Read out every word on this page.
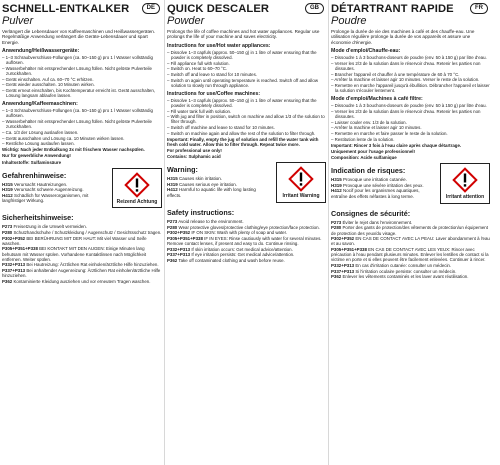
SCHNELL-ENTKALKER	DE
Pulver
Verlängert die Lebensdauer von Kaffeemaschinen und Heißwassergeräten. Regelmäßige Anwendung verlängert die Geräte-Lebensdauer und spart Energie.
Anwendung/Heißwassergeräte:
– 1–3 Schraubverschluss-Füllungen (ca. 50–150 g) pro 1 l Wasser vollständig auflösen.
– Wasserbehälter mit entsprechender Lösung füllen. Nicht gelöste Pulverteile zurückhalten.
– Gerät einschalten. Auf ca. 60–70 °C erhitzen.
– Gerät wieder ausschalten. 10 Minuten wirken.
– Gerät erneut einschalten, bis Kochtemperatur erreicht ist. Gerät ausschalten, Lösung langsam ablaufen lassen.
Anwendung/Kaffeemaschinen:
– 1–3 Schraubverschluss-Füllungen (ca. 50–150 g) pro 1 l Wasser vollständig auflösen.
– Wasserbehälter mit entsprechender Lösung füllen. Nicht gelöste Pulverteile zurückhalten.
– Ca. 1/3 der Lösung auslaufen lassen.
– Gerät ausschalten und Lösung ca. 10 Minuten wirken lassen.
– Restliche Lösung auslaufen lassen.
Wichtig: Nach jeder Entkalkung 3x mit frischem Wasser nachspülen.
Nur für gewerbliche Anwendung!
Inhaltsstoffe: Sulfaminsäure
Gefahrenhinweise:
H315 Verursacht Hautreizungen.
H319 Verursacht schwere Augenreizung.
H412 Schädlich für Wasserorganismen, mit langfristiger Wirkung.	Reizend Achtung
Sicherheitshinweise:
P273 Freisetzung in die Umwelt vermeiden.
P280 Schutzhandschuhe / Schutzkleidung / Augenschutz / Gesichtsschutz tragen.
P302+P352 BEI BERÜHRUNG MIT DER HAUT: Mit viel Wasser und Seife waschen.
P305+P351+P338 BEI KONTAKT MIT DEN AUGEN: Einige Minuten lang behutsam mit Wasser spülen. Vorhandene Kontaktlinsen nach Möglichkeit entfernen. Weiter spülen.
P332+P313 Bei Hautreizung: Ärztlichen Rat einholen/ärztliche Hilfe hinzuziehen.
P337+P313 Bei anhaltender Augenreizung: Ärztlichen Rat einholen/ärztliche Hilfe hinzuziehen.
P362 Kontaminierte Kleidung ausziehen und vor erneutem Tragen waschen.
QUICK DESCALER	GB
Powder
Prolongs the life of coffee machines and hot water appliances. Regular use prolongs the life of your machine and saves electricity.
Instructions for use/Hot water appliances:
– Dissolve 1–3 capfuls (approx. 50–150 g) in 1 litre of water ensuring that the powder is completely dissolved.
– Fill appliance full with solution.
– Switch on. Heat to 60–70 °C.
– Switch off and leave to stand for 10 minutes.
– Switch on again until operating temperature is reached. Switch off and allow solution to slowly run through appliance.
Instructions for use/Coffee machines:
– Dissolve 1–3 capfuls (approx. 50–150 g) in 1 litre of water ensuring that the powder is completely dissolved.
– Fill water tank full with solution.
– With jug and filter in position, switch on machine and allow 1/3 of the solution to filter through.
– Switch off machine and leave to stand for 10 minutes.
– Switch on machine again and allow the rest of the solution to filter through.
Important: Finally, empty the jug of solution and refill the water tank with fresh cold water. Allow this to filter through. Repeat twice more.
For professional use only!
Contains: Sulphamic acid
Warning:
H315 Causes skin irritation.
H319 Causes serious eye irritation.
H412 Harmful to aquatic life with long lasting effects.	Irritant Warning
Safety instructions:
P273 Avoid release to the environment.
P280 Wear protective gloves/protective clothing/eye protection/face protection.
P302+P352 IF ON SKIN: Wash with plenty of soap and water.
P305+P351+P338 IF IN EYES: Rinse cautiously with water for several minutes. Remove contact lenses, if present and easy to do. Continue rinsing.
P332+P313 If skin irritation occurs: Get medical advice/attention.
P337+P313 If eye irritation persists: Get medical advice/attention.
P362 Take off contaminated clothing and wash before reuse.
DÉTARTRANT RAPIDE	FR
Poudre
Prolonge la durée de vie des machines à café et des chauffe-eau. Une utilisation régulière prolonge la durée de vos appareils et assure une économie d'énergie.
Mode d'emploi/Chauffe-eau:
– Dissoudre 1 à 3 bouchons-doseurs de poudre (env. 50 à 150 g) par litre d'eau.
– Verser les 2/3 de la solution dans le réservoir d'eau. Retenir les parties non dissoutes.
– Brancher l'appareil et chauffer à une température de 60 à 70 °C.
– Arrêter la machine et laisser agir 10 minutes. Verser le reste de la solution.
– Remettre en marche l'appareil jusqu'à ébullition. Débrancher l'appareil et laisser la solution s'écouler lentement.
Mode d'emploi/Machines à café filtre:
– Dissoudre 1 à 3 bouchons-doseurs de poudre (env. 50 à 150 g) par litre d'eau.
– Verser les 2/3 de la solution dans le réservoir d'eau. Retenir les parties non dissoutes.
– Laisser couler env. 1/3 de la solution.
– Arrêter la machine et laisser agir 10 minutes.
– Remettre en marche et faire passer le reste de la solution.
– Restitution lente de la solution.
Important: Rincer 3 fois à l'eau claire après chaque détartrage.
Uniquement pour l'usage professionnel!
Composition: Acide sulfamique
Indication de risques:
H315 Provoque une irritation cutanée.
H319 Provoque une sévère irritation des yeux.
H412 Nocif pour les organismes aquatiques, entraîne des effets néfastes à long terme.	Irritant attention
Consignes de sécurité:
P273 Éviter le rejet dans l'environnement.
P280 Porter des gants de protection/des vêtements de protection/un équipement de protection des yeux/du visage.
P302+P352 EN CAS DE CONTACT AVEC LA PEAU: Laver abondamment à l'eau et au savon.
P305+P351+P338 EN CAS DE CONTACT AVEC LES YEUX: Rincer avec précaution à l'eau pendant plusieurs minutes. Enlever les lentilles de contact si la victime en porte et si elles peuvent être facilement enlevées. Continuer à rincer.
P332+P313 En cas d'irritation cutanée: consulter un médecin.
P337+P313 Si l'irritation oculaire persiste: consulter un médecin.
P362 Enlever les vêtements contaminés et les laver avant réutilisation.
